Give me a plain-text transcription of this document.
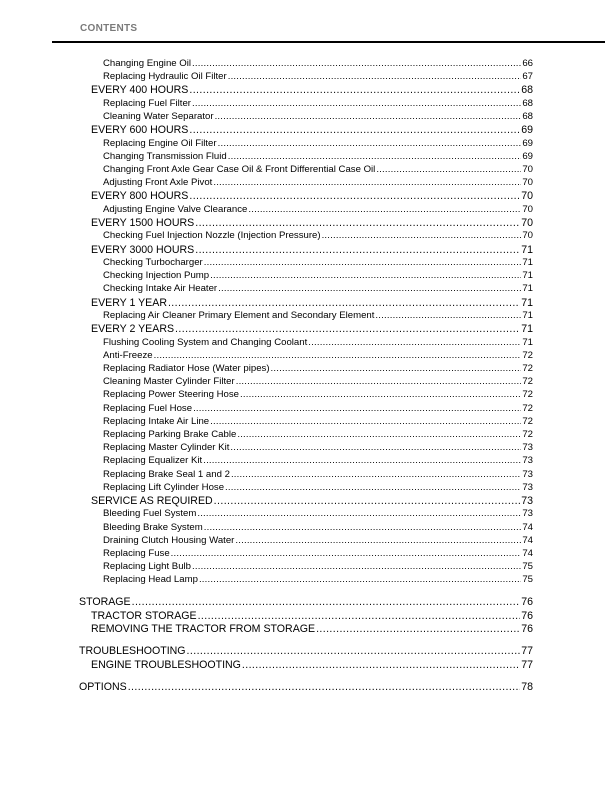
CONTENTS
Changing Engine Oil .....	66
Replacing Hydraulic Oil Filter .....	67
EVERY 400 HOURS .....	68
Replacing Fuel Filter .....	68
Cleaning Water Separator .....	68
EVERY 600 HOURS .....	69
Replacing Engine Oil Filter .....	69
Changing Transmission Fluid .....	69
Changing Front Axle Gear Case Oil & Front Differential Case Oil .....	70
Adjusting Front Axle Pivot .....	70
EVERY 800 HOURS .....	70
Adjusting Engine Valve Clearance .....	70
EVERY 1500 HOURS .....	70
Checking Fuel Injection Nozzle (Injection Pressure) .....	70
EVERY 3000 HOURS .....	71
Checking Turbocharger .....	71
Checking Injection Pump .....	71
Checking Intake Air Heater .....	71
EVERY 1 YEAR .....	71
Replacing Air Cleaner Primary Element and Secondary Element .....	71
EVERY 2 YEARS .....	71
Flushing Cooling System and Changing Coolant .....	71
Anti-Freeze .....	72
Replacing Radiator Hose (Water pipes) .....	72
Cleaning Master Cylinder Filter .....	72
Replacing Power Steering Hose .....	72
Replacing Fuel Hose .....	72
Replacing Intake Air Line .....	72
Replacing Parking Brake Cable .....	72
Replacing Master Cylinder Kit .....	73
Replacing Equalizer Kit .....	73
Replacing Brake Seal 1 and 2 .....	73
Replacing Lift Cylinder Hose .....	73
SERVICE AS REQUIRED .....	73
Bleeding Fuel System .....	73
Bleeding Brake System .....	74
Draining Clutch Housing Water .....	74
Replacing Fuse .....	74
Replacing Light Bulb .....	75
Replacing Head Lamp .....	75
STORAGE .....	76
TRACTOR STORAGE .....	76
REMOVING THE TRACTOR FROM STORAGE .....	76
TROUBLESHOOTING .....	77
ENGINE TROUBLESHOOTING .....	77
OPTIONS .....	78
